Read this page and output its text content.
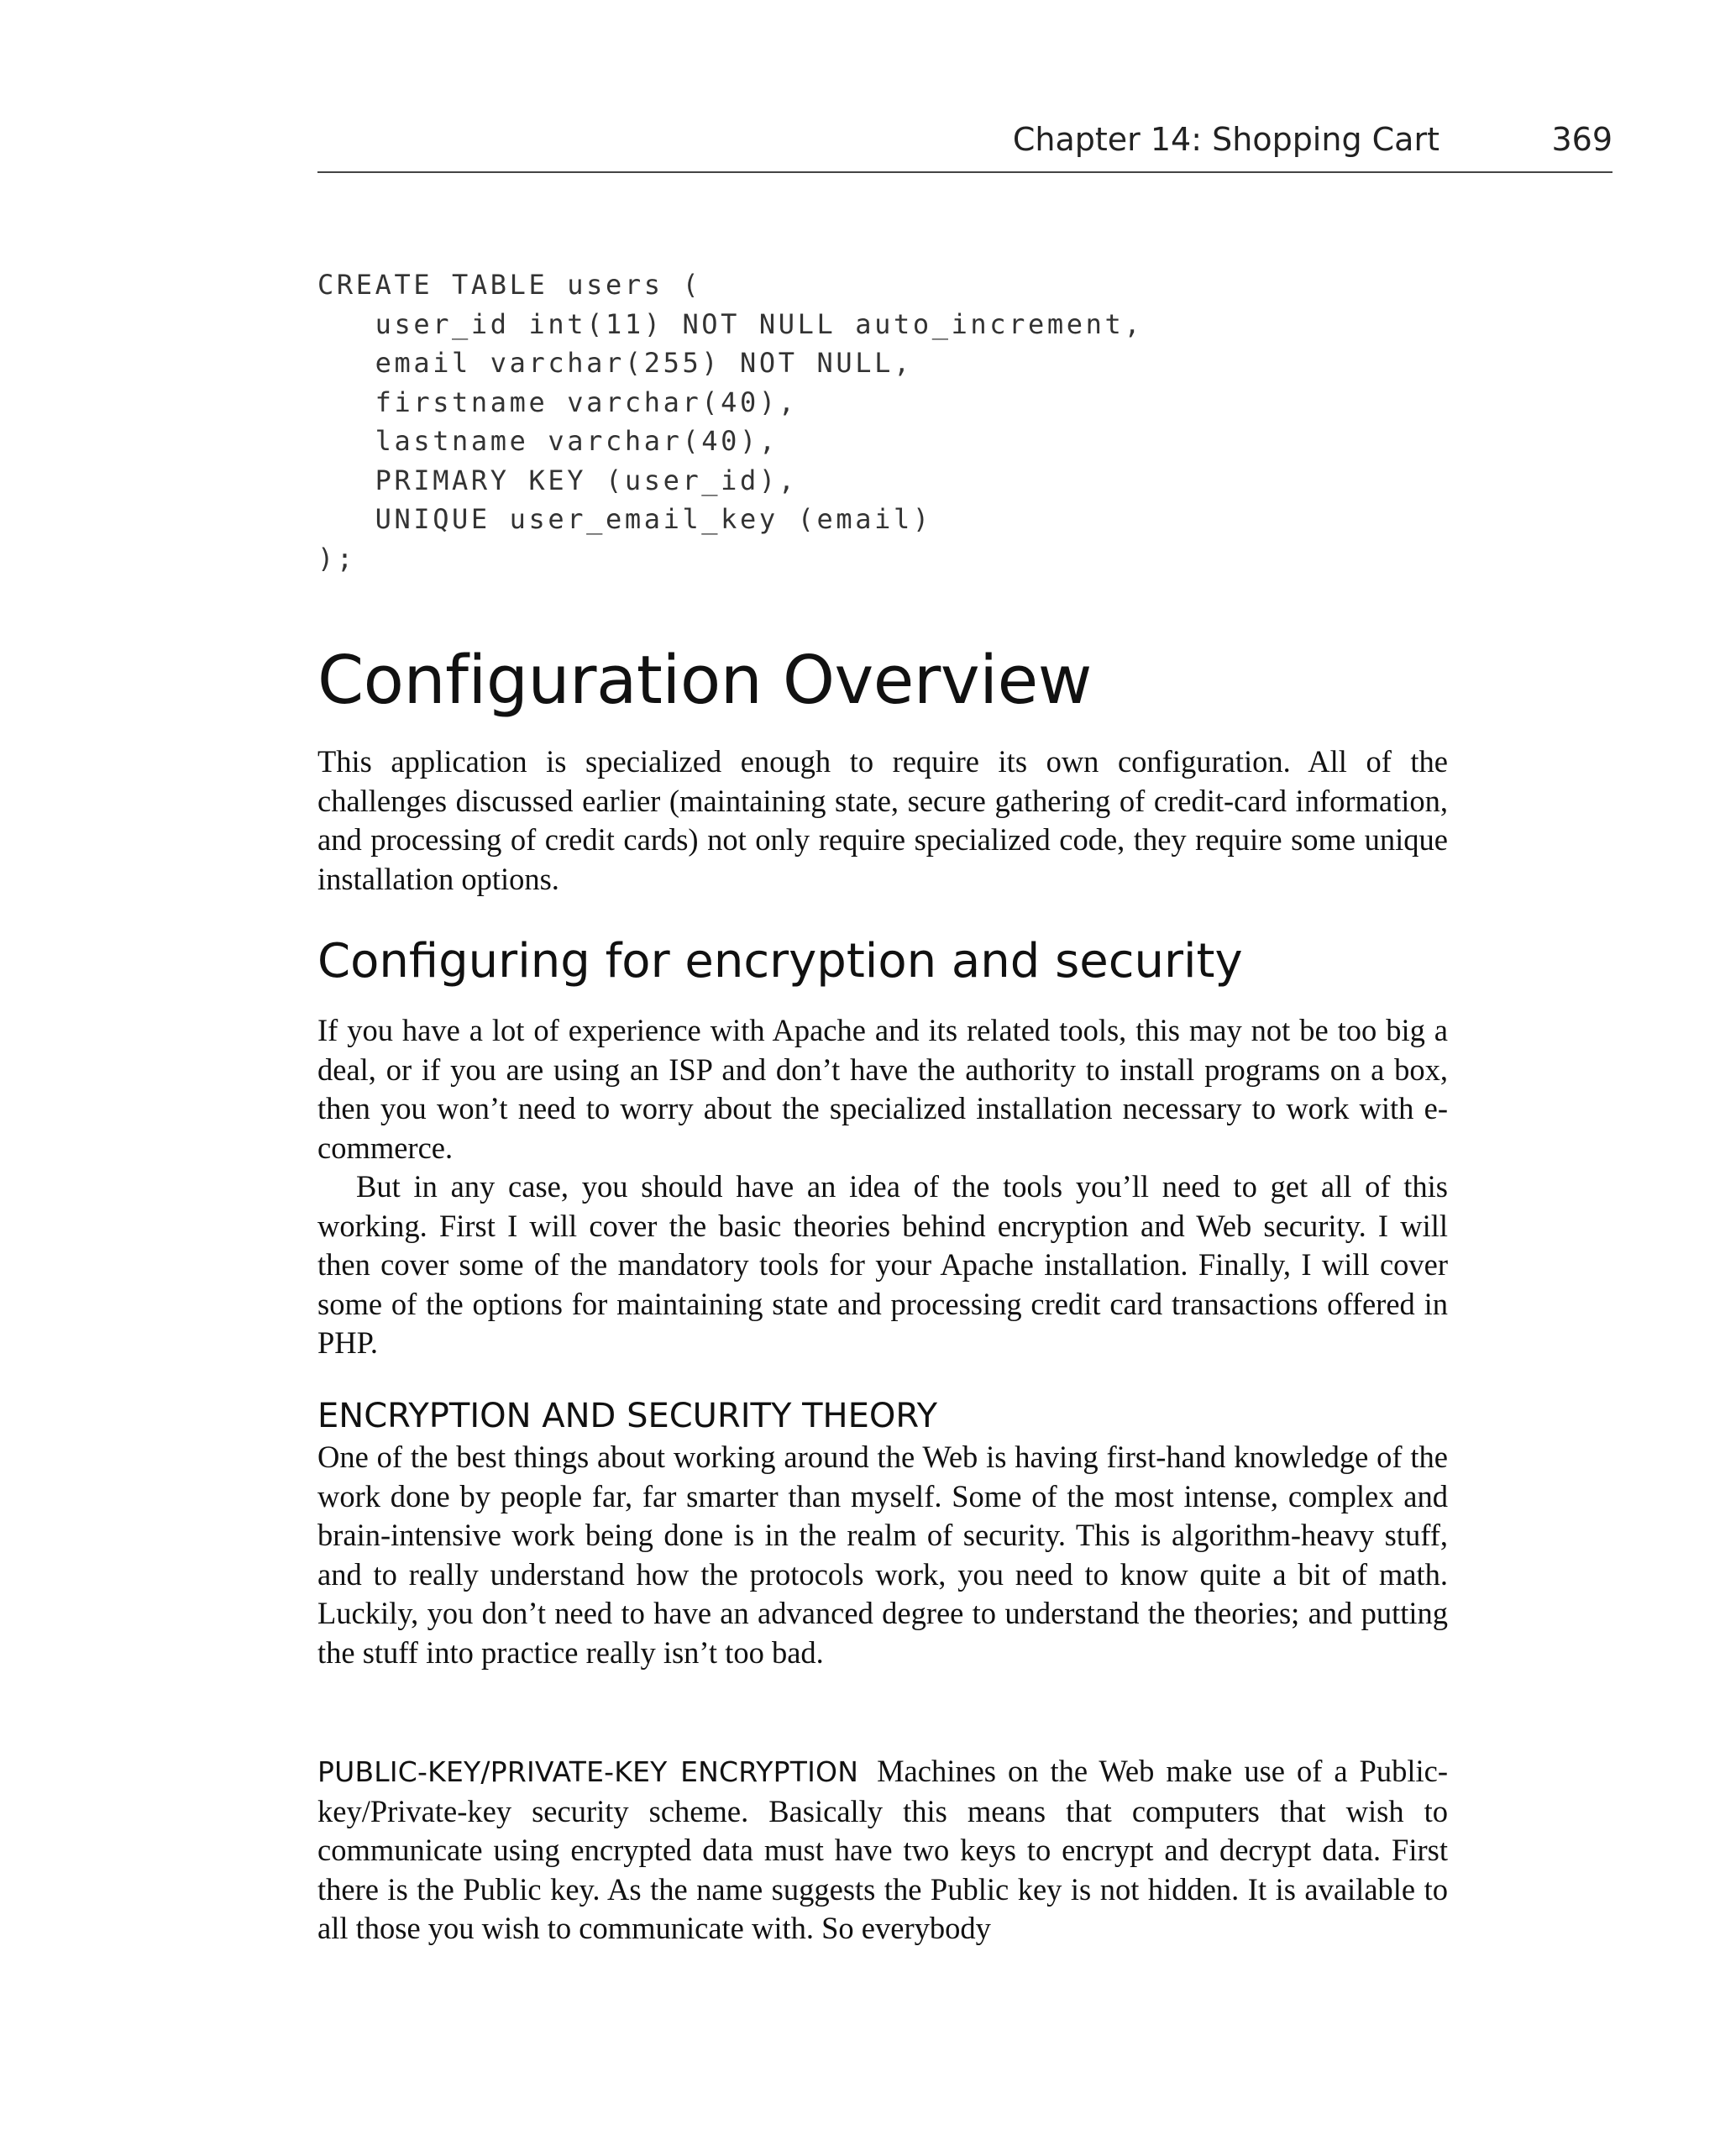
Chapter 14: Shopping Cart	369
CREATE TABLE users (
user_id int(11) NOT NULL auto_increment,
email varchar(255) NOT NULL,
firstname varchar(40),
lastname varchar(40),
PRIMARY KEY (user_id),
UNIQUE user_email_key (email)
);
Configuration Overview

This application is specialized enough to require its own configuration. All of the challenges discussed earlier (maintaining state, secure gathering of credit-card information, and processing of credit cards) not only require specialized code, they require some unique installation options.

Configuring for encryption and security

If you have a lot of experience with Apache and its related tools, this may not be too big a deal, or if you are using an ISP and don’t have the authority to install programs on a box, then you won’t need to worry about the specialized installation necessary to work with e-commerce.

But in any case, you should have an idea of the tools you’ll need to get all of this working. First I will cover the basic theories behind encryption and Web security. I will then cover some of the mandatory tools for your Apache installation. Finally, I will cover some of the options for maintaining state and processing credit card transactions offered in PHP.

ENCRYPTION AND SECURITY THEORY

One of the best things about working around the Web is having first-hand knowledge of the work done by people far, far smarter than myself. Some of the most intense, complex and brain-intensive work being done is in the realm of security. This is algorithm-heavy stuff, and to really understand how the protocols work, you need to know quite a bit of math. Luckily, you don’t need to have an advanced degree to understand the theories; and putting the stuff into practice really isn’t too bad.

PUBLIC-KEY/PRIVATE-KEY ENCRYPTION Machines on the Web make use of a Public-key/Private-key security scheme. Basically this means that computers that wish to communicate using encrypted data must have two keys to encrypt and decrypt data. First there is the Public key. As the name suggests the Public key is not hidden. It is available to all those you wish to communicate with. So everybody
